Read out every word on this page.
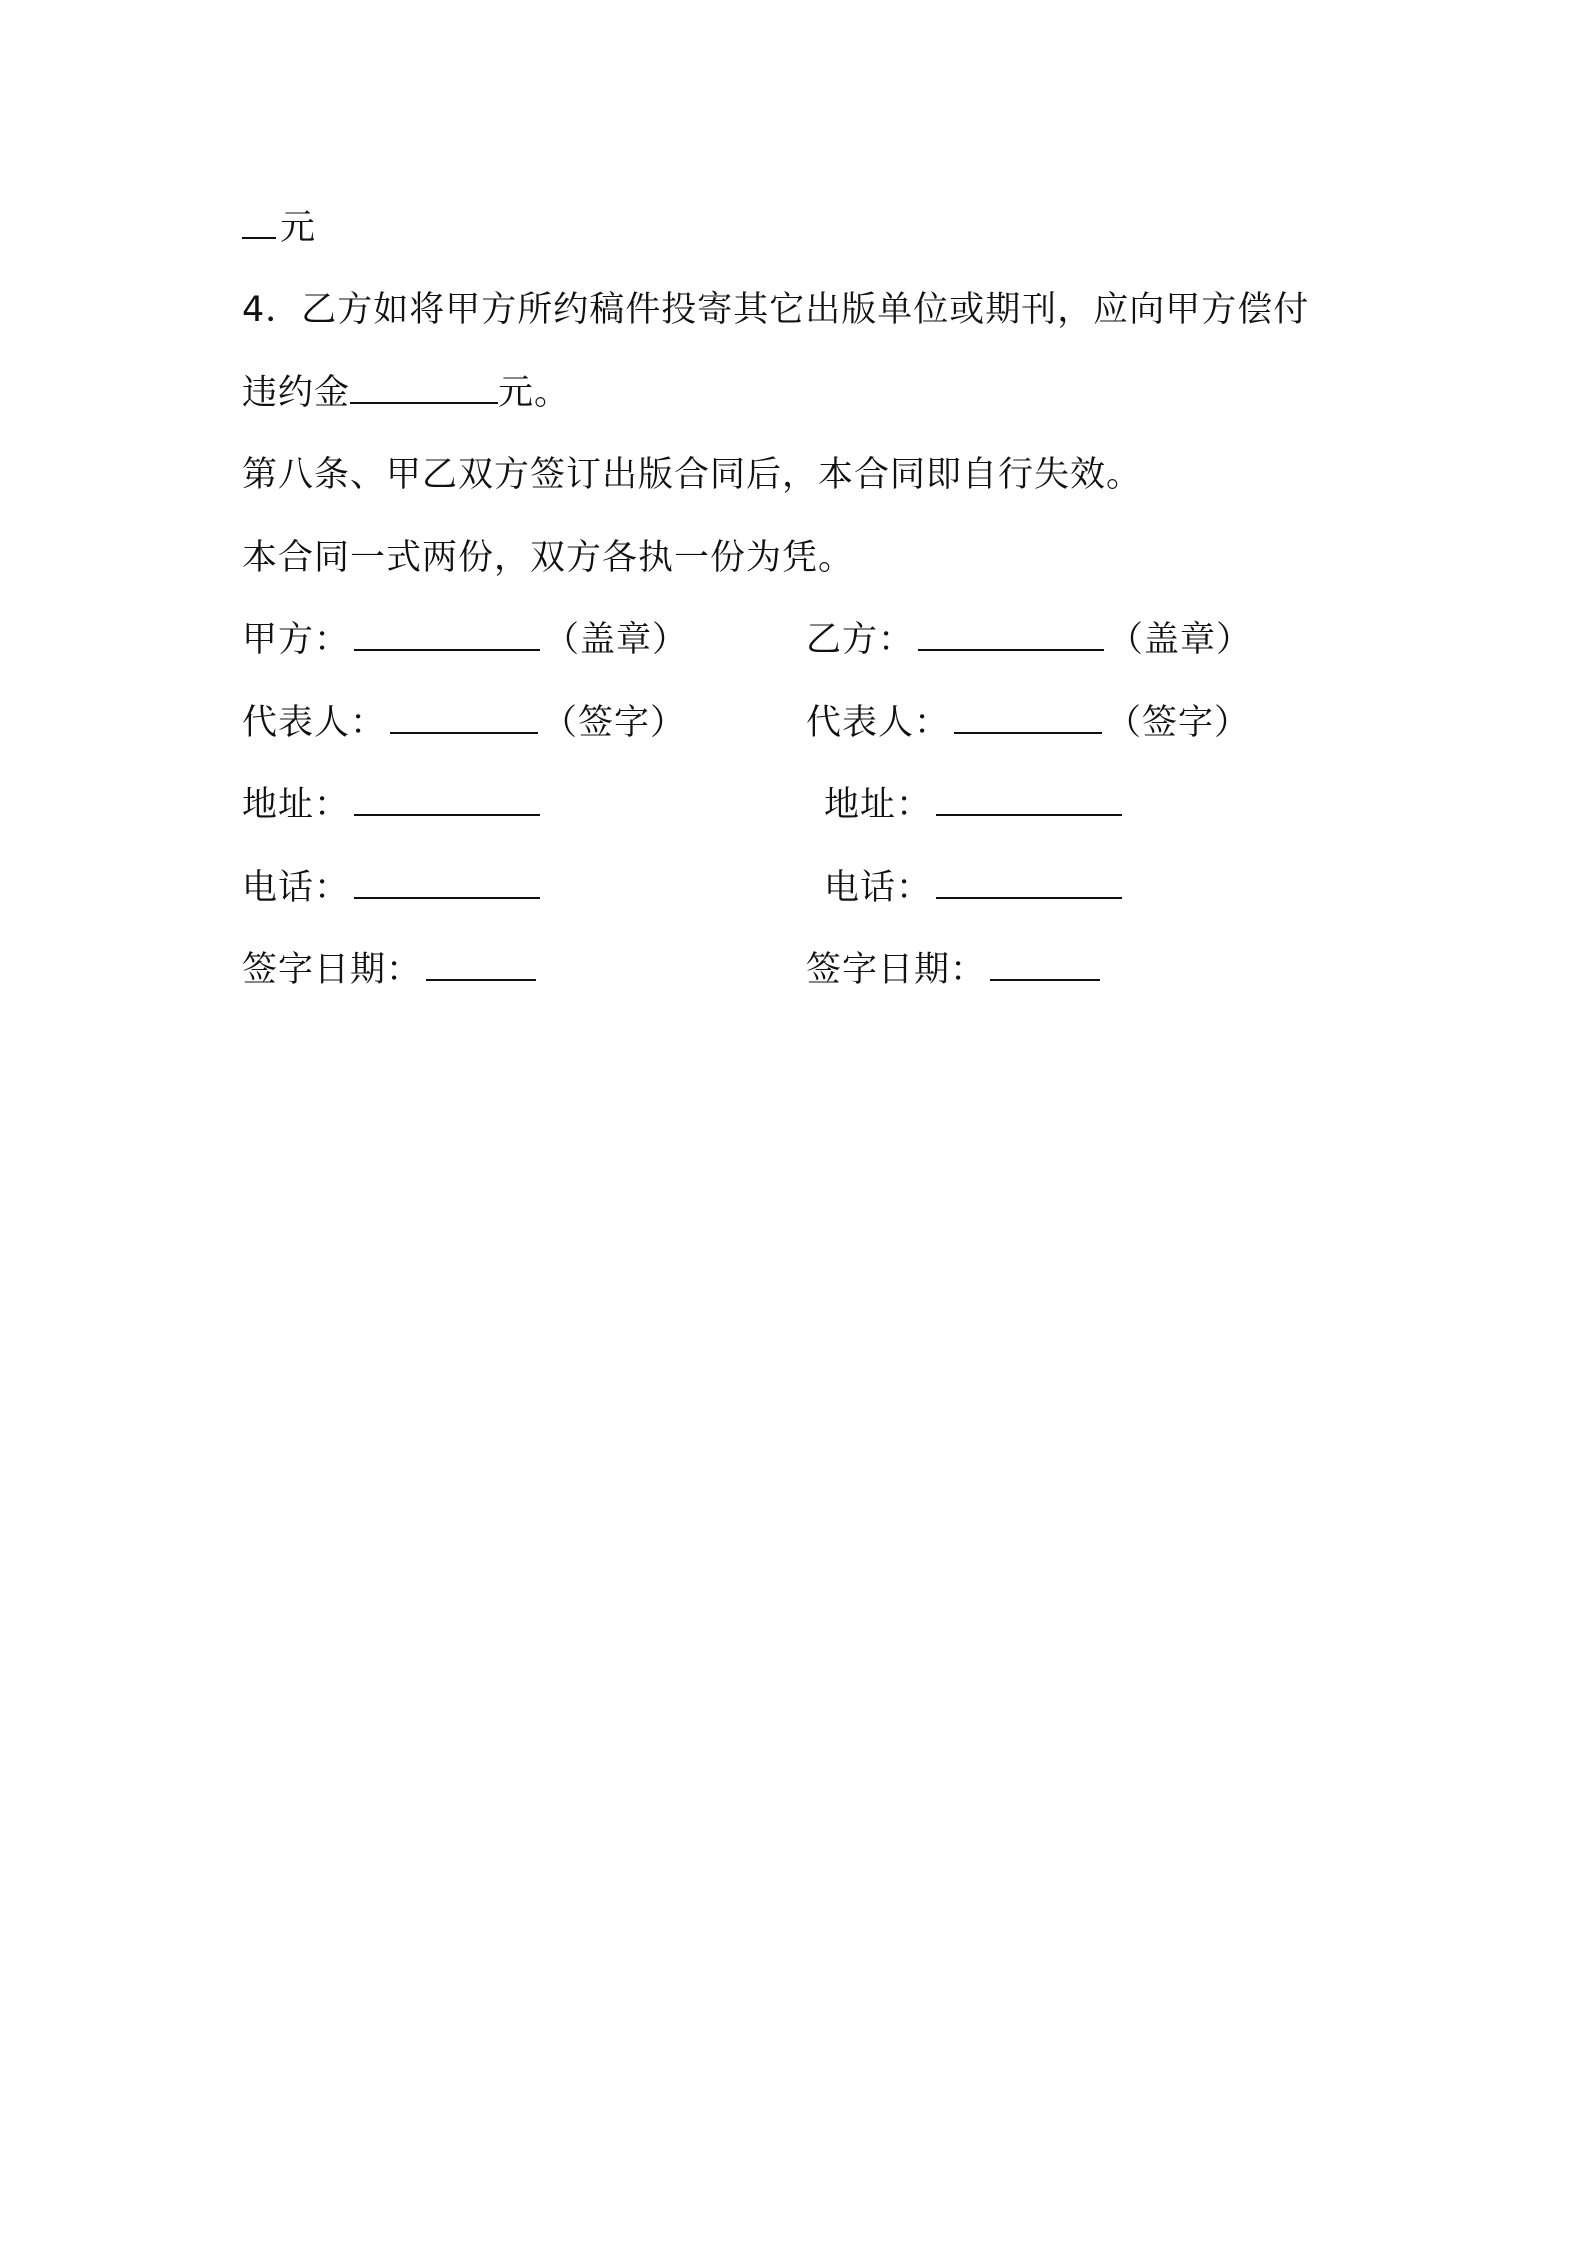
元
4．乙方如将甲方所约稿件投寄其它出版单位或期刊，应向甲方偿付
违约金	元。
第八条、甲乙双方签订出版合同后，本合同即自行失效。
本合同一式两份，双方各执一份为凭。
甲方：	（盖章）
代表人：	（签字）
地址：
电话：
签字日期：
乙方：	（盖章）
代表人：	（签字）
地址：
电话：
签字日期：
